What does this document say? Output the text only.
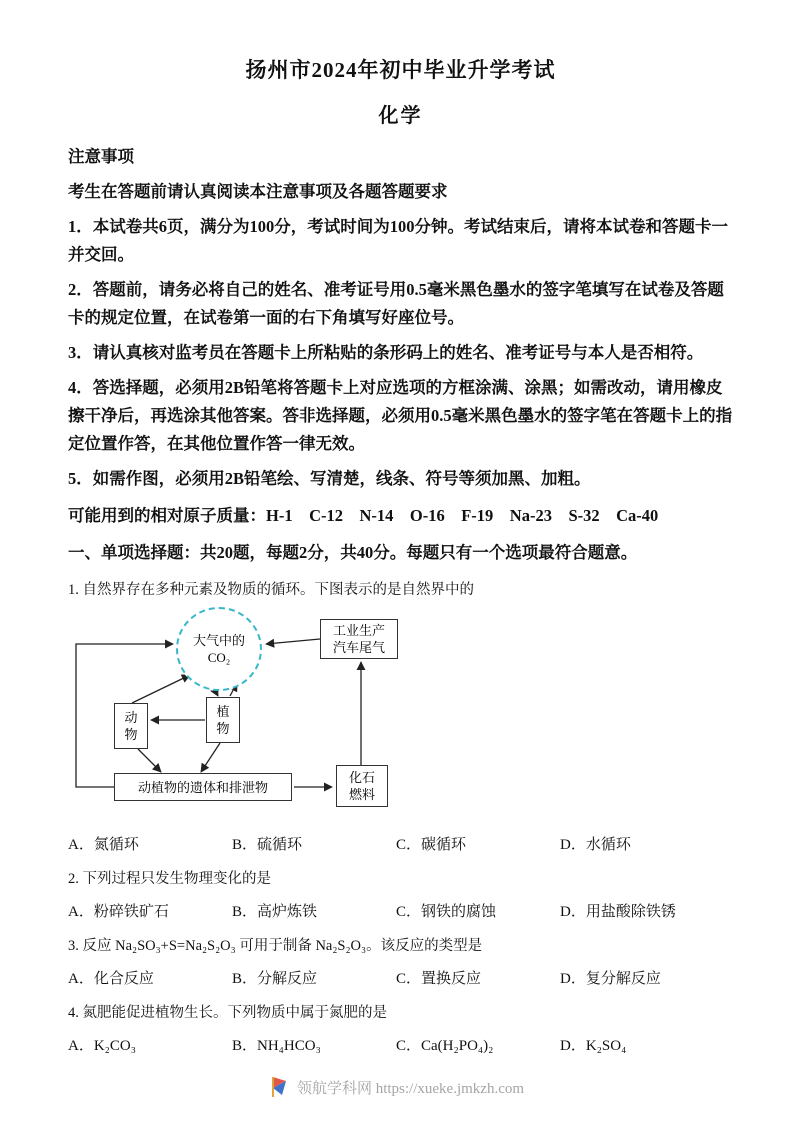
扬州市2024年初中毕业升学考试
化学

注意事项

考生在答题前请认真阅读本注意事项及各题答题要求

1．本试卷共6页，满分为100分，考试时间为100分钟。考试结束后，请将本试卷和答题卡一并交回。

2．答题前，请务必将自己的姓名、准考证号用0.5毫米黑色墨水的签字笔填写在试卷及答题卡的规定位置，在试卷第一面的右下角填写好座位号。

3．请认真核对监考员在答题卡上所粘贴的条形码上的姓名、准考证号与本人是否相符。

4．答选择题，必须用2B铅笔将答题卡上对应选项的方框涂满、涂黑；如需改动，请用橡皮擦干净后，再选涂其他答案。答非选择题，必须用0.5毫米黑色墨水的签字笔在答题卡上的指定位置作答，在其他位置作答一律无效。

5．如需作图，必须用2B铅笔绘、写清楚，线条、符号等须加黑、加粗。

可能用到的相对原子质量：H-1　C-12　N-14　O-16　F-19　Na-23　S-32　Ca-40

一、单项选择题：共20题，每题2分，共40分。每题只有一个选项最符合题意。

1. 自然界存在多种元素及物质的循环。下图表示的是自然界中的

大气中的CO₂
工业生产汽车尾气
动物
植物
动植物的遗体和排泄物
化石燃料
A．氮循环	B．硫循环	C．碳循环	D．水循环

2. 下列过程只发生物理变化的是

A．粉碎铁矿石	B．高炉炼铁	C．钢铁的腐蚀	D．用盐酸除铁锈

3. 反应 Na₂SO₃+S=Na₂S₂O₃ 可用于制备 Na₂S₂O₃。该反应的类型是

A．化合反应	B．分解反应	C．置换反应	D．复分解反应

4. 氮肥能促进植物生长。下列物质中属于氮肥的是

A．K₂CO₃	B．NH₄HCO₃	C．Ca(H₂PO₄)₂	D．K₂SO₄
领航学科网 https://xueke.jmkzh.com
